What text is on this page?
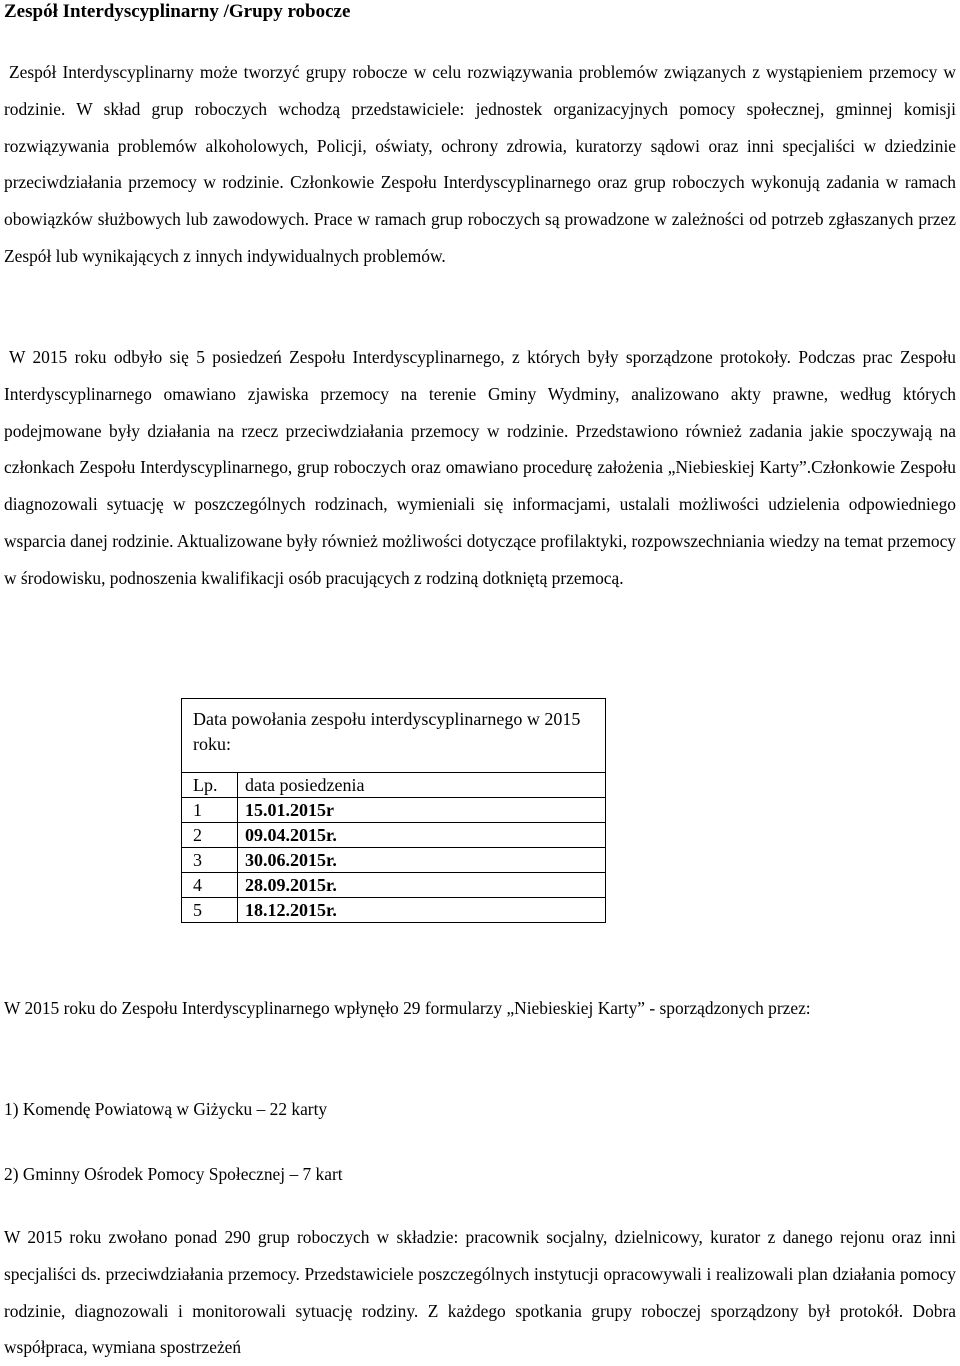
Zespół Interdyscyplinarny /Grupy robocze

Zespół Interdyscyplinarny może tworzyć grupy robocze w celu rozwiązywania problemów związanych z wystąpieniem przemocy w rodzinie. W skład grup roboczych wchodzą przedstawiciele: jednostek organizacyjnych pomocy społecznej, gminnej komisji rozwiązywania problemów alkoholowych, Policji, oświaty, ochrony zdrowia, kuratorzy sądowi oraz inni specjaliści w dziedzinie przeciwdziałania przemocy w rodzinie. Członkowie Zespołu Interdyscyplinarnego oraz grup roboczych wykonują zadania w ramach obowiązków służbowych lub zawodowych. Prace w ramach grup roboczych są prowadzone w zależności od potrzeb zgłaszanych przez Zespół lub wynikających z innych indywidualnych problemów.

W 2015 roku odbyło się 5 posiedzeń Zespołu Interdyscyplinarnego, z których były sporządzone protokoły. Podczas prac Zespołu Interdyscyplinarnego omawiano zjawiska przemocy na terenie Gminy Wydminy, analizowano akty prawne, według których podejmowane były działania na rzecz przeciwdziałania przemocy w rodzinie. Przedstawiono również zadania jakie spoczywają na członkach Zespołu Interdyscyplinarnego, grup roboczych oraz omawiano procedurę założenia „Niebieskiej Karty”.Członkowie Zespołu diagnozowali sytuację w poszczególnych rodzinach, wymieniali się informacjami, ustalali możliwości udzielenia odpowiedniego wsparcia danej rodzinie. Aktualizowane były również możliwości dotyczące profilaktyki, rozpowszechniania wiedzy na temat przemocy w środowisku, podnoszenia kwalifikacji osób pracujących z rodziną dotkniętą przemocą.

Data powołania zespołu interdyscyplinarnego w 2015 roku:	
Lp.	data posiedzenia
1	15.01.2015r
2	09.04.2015r.
3	30.06.2015r.
4	28.09.2015r.
5	18.12.2015r.

W 2015 roku do Zespołu Interdyscyplinarnego wpłynęło 29 formularzy „Niebieskiej Karty” - sporządzonych przez:

1) Komendę Powiatową w Giżycku – 22 karty

2) Gminny Ośrodek Pomocy Społecznej – 7 kart

W 2015 roku zwołano ponad 290 grup roboczych w składzie: pracownik socjalny, dzielnicowy, kurator z danego rejonu oraz inni specjaliści ds. przeciwdziałania przemocy. Przedstawiciele poszczególnych instytucji opracowywali i realizowali plan działania pomocy rodzinie, diagnozowali i monitorowali sytuację rodziny. Z każdego spotkania grupy roboczej sporządzony był protokół. Dobra współpraca, wymiana spostrzeżeń
